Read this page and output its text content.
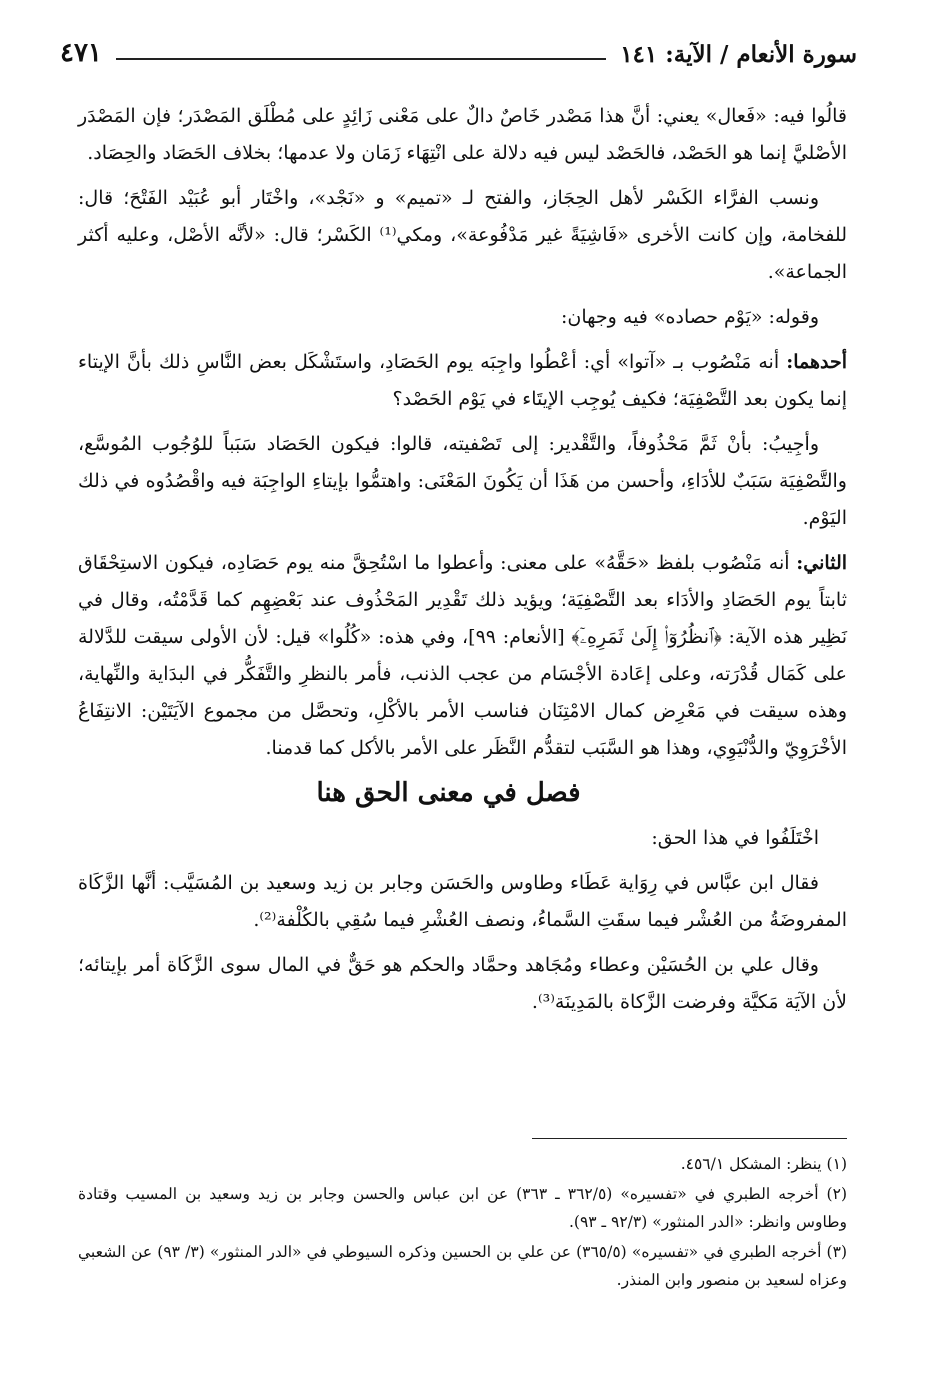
سورة الأنعام / الآية: ١٤١
٤٧١

قالُوا فيه: «فَعال» يعني: أنَّ هذا مَصْدر خَاصٌ دالٌ على مَعْنى زَائِدٍ على مُطْلَق المَصْدَر؛ فإن المَصْدَر الأصْليَّ إنما هو الحَصْد، فالحَصْد ليس فيه دلالة على انْتِهَاء زَمَان ولا عدمها؛ بخلاف الحَصَاد والحِصَاد.

ونسب الفرَّاء الكَسْر لأهل الحِجَاز، والفتح لـ «تميم» و «نَجْد»، واخْتَار أبو عُبَيْد الفَتْحَ؛ قال: للفخامة، وإن كانت الأخرى «فَاشِيَةً غير مَدْفُوعة»، ومكي⁽¹⁾ الكَسْر؛ قال: «لأنَّه الأصْل، وعليه أكثر الجماعة».

وقوله: «يَوْم حصاده» فيه وجهان:

أحدهما: أنه مَنْصُوب بـ «آتوا» أي: أعْطُوا واجِبَه يوم الحَصَادِ، واستَشْكَل بعض النَّاسِ ذلك بأنَّ الإيتاء إنما يكون بعد التَّصْفِيَة؛ فكيف يُوجِب الإيتَاء في يَوْم الحَصْد؟

وأجِيبُ: بأنْ ثَمَّ مَحْذُوفاً، والتَّقْدير: إلى تَصْفيته، قالوا: فيكون الحَصَاد سَبَباً للوُجُوب المُوسَّع، والتَّصْفِيَة سَبَبٌ للأدَاءِ، وأحسن من هَذَا أن يَكُونَ المَعْنَى: واهتمُّوا بإيتاءِ الواجِبَة فيه واقْصُدُوه في ذلك اليَوْم.

الثاني: أنه مَنْصُوب بلفظ «حَقَّهُ» على معنى: وأعطوا ما اسْتُحِقَّ منه يوم حَصَادِه، فيكون الاستِحْقَاق ثابتاً يوم الحَصَادِ والأدَاء بعد التَّصْفِيَة؛ ويؤيد ذلك تَقْدِير المَحْذُوف عند بَعْضِهِم كما قَدَّمْتُه، وقال في نَظِير هذه الآية: ﴿ٱنظُرُوٓا۟ إِلَىٰ ثَمَرِهِۦٓ﴾ [الأنعام: ٩٩]، وفي هذه: «كُلُوا» قيل: لأن الأولى سيقت للدَّلالة على كَمَال قُدْرَته، وعلى إعَادة الأجْسَام من عجب الذنب، فأمر بالنظرِ والتَّفَكُّر في البدَاية والنِّهاية، وهذه سيقت في مَعْرِض كمال الامْتِنَان فناسب الأمر بالأكْلِ، وتحصَّل من مجموع الآيَتَيْن: الانتِفَاعُ الأخْرَوِيّ والدُّنْيَوِي، وهذا هو السَّبَب لتقدُّم النَّظَر على الأمر بالأكل كما قدمنا.

فصل في معنى الحق هنا

اخْتَلَفُوا في هذا الحق:

فقال ابن عبَّاس في رِوَاية عَطَاء وطاوس والحَسَن وجابر بن زيد وسعيد بن المُسَيَّب: أنَّها الزَّكَاة المفروضَةُ من العُشْر فيما سقَتِ السَّماءُ، ونصف العُشْرِ فيما سُقِي بالكُلْفة⁽²⁾.

وقال علي بن الحُسَيْن وعطاء ومُجَاهد وحمَّاد والحكم هو حَقٌّ في المال سوى الزَّكَاة أمر بإيتائه؛ لأن الآيَة مَكيَّة وفرضت الزَّكاة بالمَدِينَة⁽³⁾.

(١) ينظر: المشكل ٤٥٦/١.

(٢) أخرجه الطبري في «تفسيره» (٣٦٢/٥ ـ ٣٦٣) عن ابن عباس والحسن وجابر بن زيد وسعيد بن المسيب وقتادة وطاوس وانظر: «الدر المنثور» (٩٢/٣ ـ ٩٣).

(٣) أخرجه الطبري في «تفسيره» (٣٦٥/٥) عن علي بن الحسين وذكره السيوطي في «الدر المنثور» (٣/ ٩٣) عن الشعبي وعزاه لسعيد بن منصور وابن المنذر.
